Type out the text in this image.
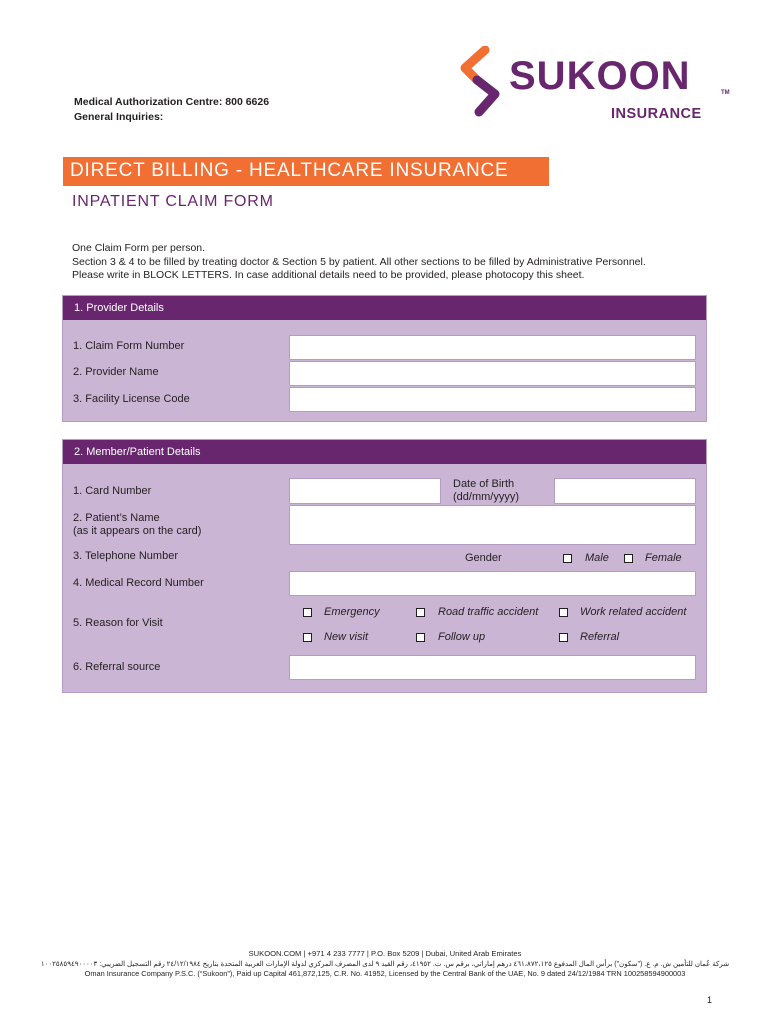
Medical Authorization Centre: 800 6626
General Inquiries:
SUKOON	TM
INSURANCE
DIRECT BILLING - HEALTHCARE INSURANCE
INPATIENT CLAIM FORM
One Claim Form per person.
Section 3 & 4 to be filled by treating doctor & Section 5 by patient. All other sections to be filled by Administrative Personnel.
Please write in BLOCK LETTERS. In case additional details need to be provided, please photocopy this sheet.
1. Provider Details
1. Claim Form Number
2. Provider Name
3. Facility License Code
2. Member/Patient Details
1. Card Number
Date of Birth
(dd/mm/yyyy)
2. Patient’s Name
(as it appears on the card)
3. Telephone Number	Gender	Male	Female
4. Medical Record Number
5. Reason for Visit
Emergency	Road traffic accident	Work related accident
New visit	Follow up	Referral
6. Referral source
SUKOON.COM | +971 4 233 7777 | P.O. Box 5209 | Dubai, United Arab Emirates
شركة عُمان للتأمين ش. م. ع. ("سكون") برأس المال المدفوع ٤٦١،٨٧٢،١٢٥ درهم إماراتي، برقم س. ت. ٤١٩٥٢، رقم القيد ٩ لدى المصرف المركزي لدولة الإمارات العربية المتحدة بتاريخ ٢٤/١٢/١٩٨٤ رقم التسجيل الضريبي: ١٠٠٢٥٨٥٩٤٩٠٠٠٠٣
Oman Insurance Company P.S.C. (“Sukoon”), Paid up Capital 461,872,125, C.R. No. 41952, Licensed by the Central Bank of the UAE, No. 9 dated 24/12/1984 TRN 100258594900003
1
